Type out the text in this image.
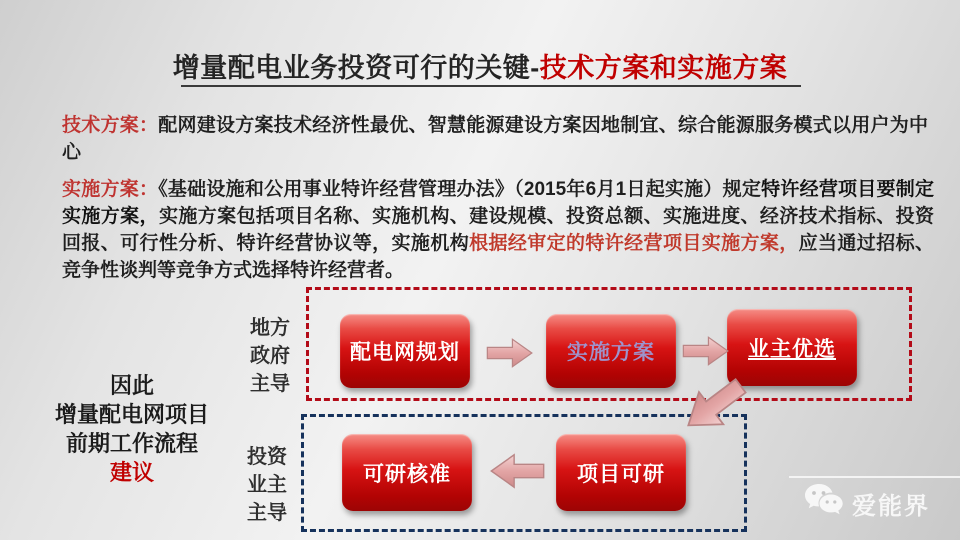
增量配电业务投资可行的关键-技术方案和实施方案
技术方案：配网建设方案技术经济性最优、智慧能源建设方案因地制宜、综合能源服务模式以用户为中心
实施方案：《基础设施和公用事业特许经营管理办法》（2015年6月1日起实施）规定特许经营项目要制定实施方案，实施方案包括项目名称、实施机构、建设规模、投资总额、实施进度、经济技术指标、投资回报、可行性分析、特许经营协议等，实施机构根据经审定的特许经营项目实施方案，应当通过招标、竞争性谈判等竞争方式选择特许经营者。
因此
增量配电网项目
前期工作流程
建议
地方
政府
主导
投资
业主
主导
配电网规划	实施方案	业主优选
可研核准	项目可研
爱能界
